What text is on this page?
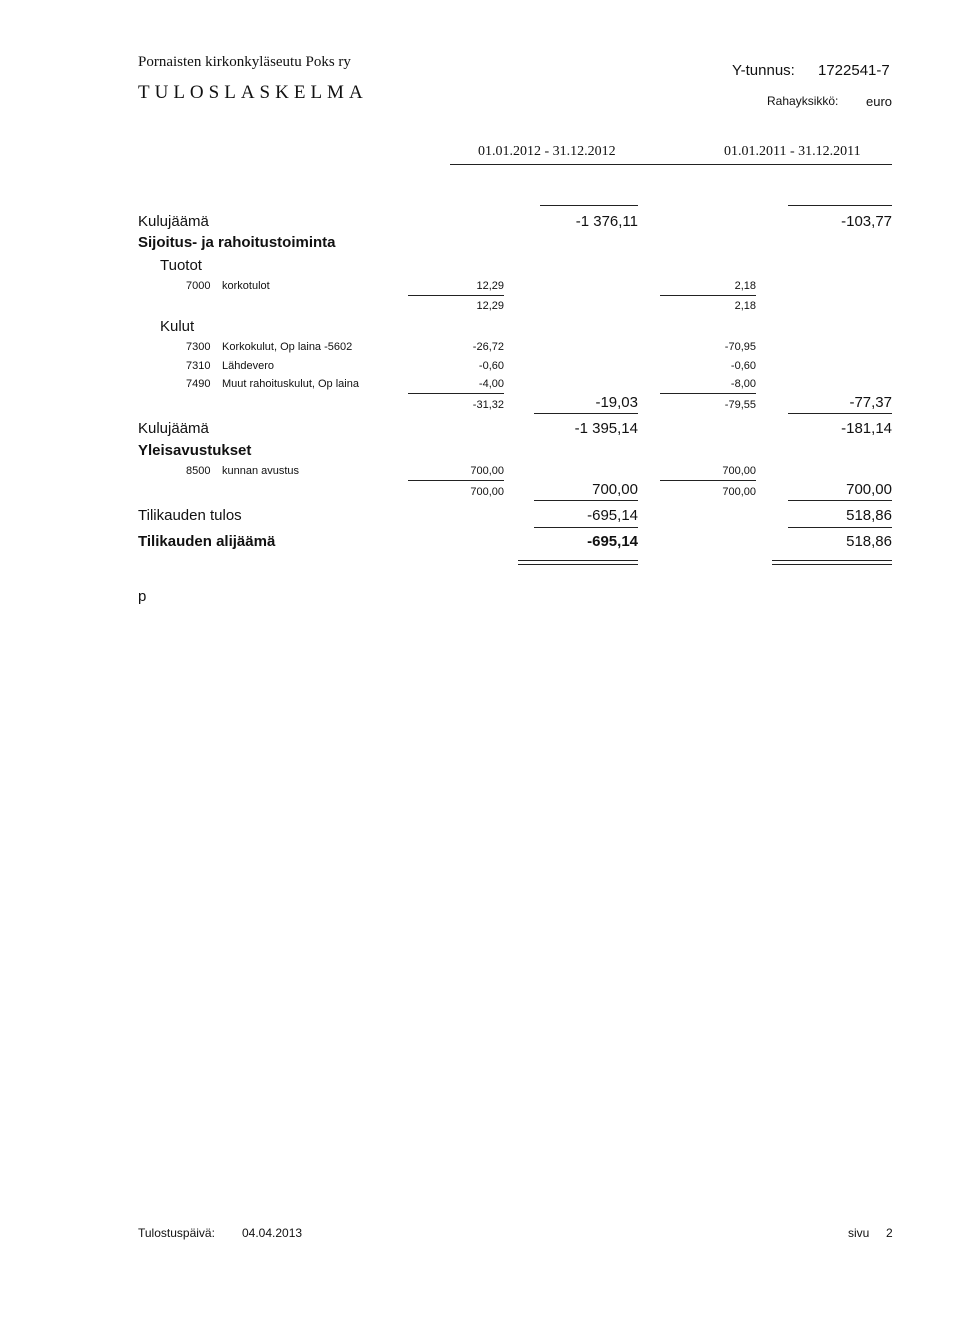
Pornaisten kirkonkyläseutu Poks ry
TULOSLASKELMA
Y-tunnus: 1722541-7
Rahayksikkö: euro
01.01.2012 - 31.12.2012	01.01.2011 - 31.12.2011
Kulujäämä	-1 376,11	-103,77
Sijoitus- ja rahoitustoiminta
Tuotot
7000 korkotulot	12,29	2,18
12,29	2,18
Kulut
7300 Korkokulut, Op laina -5602	-26,72	-70,95
7310 Lähdevero	-0,60	-0,60
7490 Muut rahoituskulut, Op laina	-4,00	-8,00
-31,32	-19,03	-79,55	-77,37
Kulujäämä	-1 395,14	-181,14
Yleisavustukset
8500 kunnan avustus	700,00	700,00
700,00	700,00	700,00	700,00
Tilikauden tulos	-695,14	518,86
Tilikauden alijäämä	-695,14	518,86
p
Tulostuspäivä: 04.04.2013	sivu 2
